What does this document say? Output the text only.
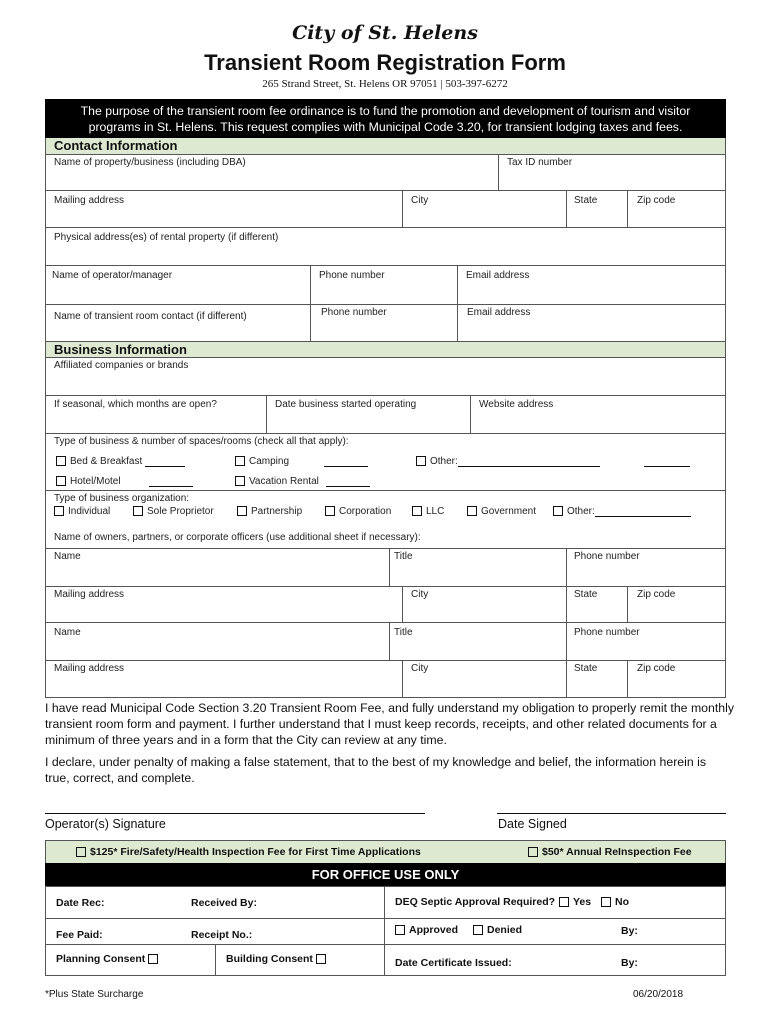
City of St. Helens
Transient Room Registration Form
265 Strand Street, St. Helens OR 97051 | 503-397-6272
The purpose of the transient room fee ordinance is to fund the promotion and development of tourism and visitor
programs in St. Helens. This request complies with Municipal Code 3.20, for transient lodging taxes and fees.
Contact Information
Name of property/business (including DBA)	Tax ID number
Mailing address	City	State	Zip code
Physical address(es) of rental property (if different)
Name of operator/manager	Phone number	Email address
Name of transient room contact (if different)	Phone number	Email address
Business Information
Affiliated companies or brands
If seasonal, which months are open?	Date business started operating	Website address
Type of business & number of spaces/rooms (check all that apply):
Bed & Breakfast	Camping	Other:
Hotel/Motel	Vacation Rental
Type of business organization:
Individual	Sole Proprietor	Partnership	Corporation	LLC	Government	Other:
Name of owners, partners, or corporate officers (use additional sheet if necessary):
Name	Title	Phone number
Mailing address	City	State	Zip code
Name	Title	Phone number
Mailing address	City	State	Zip code
I have read Municipal Code Section 3.20 Transient Room Fee, and fully understand my obligation to properly remit the monthly
transient room form and payment. I further understand that I must keep records, receipts, and other related documents for a
minimum of three years and in a form that the City can review at any time.
I declare, under penalty of making a false statement, that to the best of my knowledge and belief, the information herein is
true, correct, and complete.
Operator(s) Signature	Date Signed
$125* Fire/Safety/Health Inspection Fee for First Time Applications	$50* Annual ReInspection Fee
FOR OFFICE USE ONLY
Date Rec:	Received By:	DEQ Septic Approval Required?	Yes	No
Fee Paid:	Receipt No.:	Approved	Denied	By:
Planning Consent	Building Consent	Date Certificate Issued:	By:
*Plus State Surcharge	06/20/2018
